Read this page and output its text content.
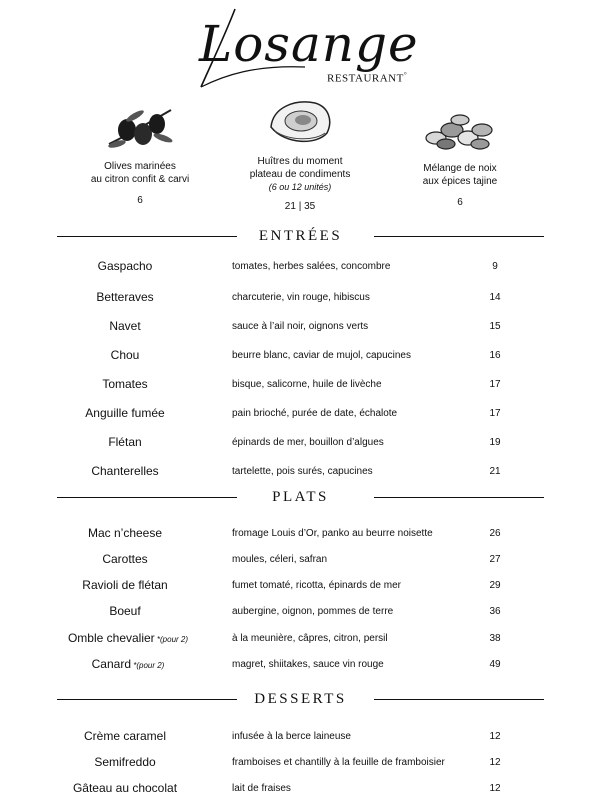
Losange
RESTAURANT°
Olives marinées
au citron confit & carvi
6
Huîtres du moment
plateau de condiments
(6 ou 12 unités)
21 | 35
Mélange de noix
aux épices tajine
6
ENTRÉES
Gaspacho	tomates, herbes salées, concombre	9
Betteraves	charcuterie, vin rouge, hibiscus	14
Navet	sauce à l’ail noir, oignons verts	15
Chou	beurre blanc, caviar de mujol, capucines	16
Tomates	bisque, salicorne, huile de livèche	17
Anguille fumée	pain brioché, purée de date, échalote	17
Flétan	épinards de mer, bouillon d’algues	19
Chanterelles	tartelette, pois surés, capucines	21
PLATS
Mac n’cheese	fromage Louis d’Or, panko au beurre noisette	26
Carottes	moules, céleri, safran	27
Ravioli de flétan	fumet tomaté, ricotta, épinards de mer	29
Boeuf	aubergine, oignon, pommes de terre	36
Omble chevalier *(pour 2)	à la meunière, câpres, citron, persil	38
Canard *(pour 2)	magret, shiitakes, sauce vin rouge	49
DESSERTS
Crème caramel	infusée à la berce laineuse	12
Semifreddo	framboises et chantilly à la feuille de framboisier	12
Gâteau au chocolat	lait de fraises	12
